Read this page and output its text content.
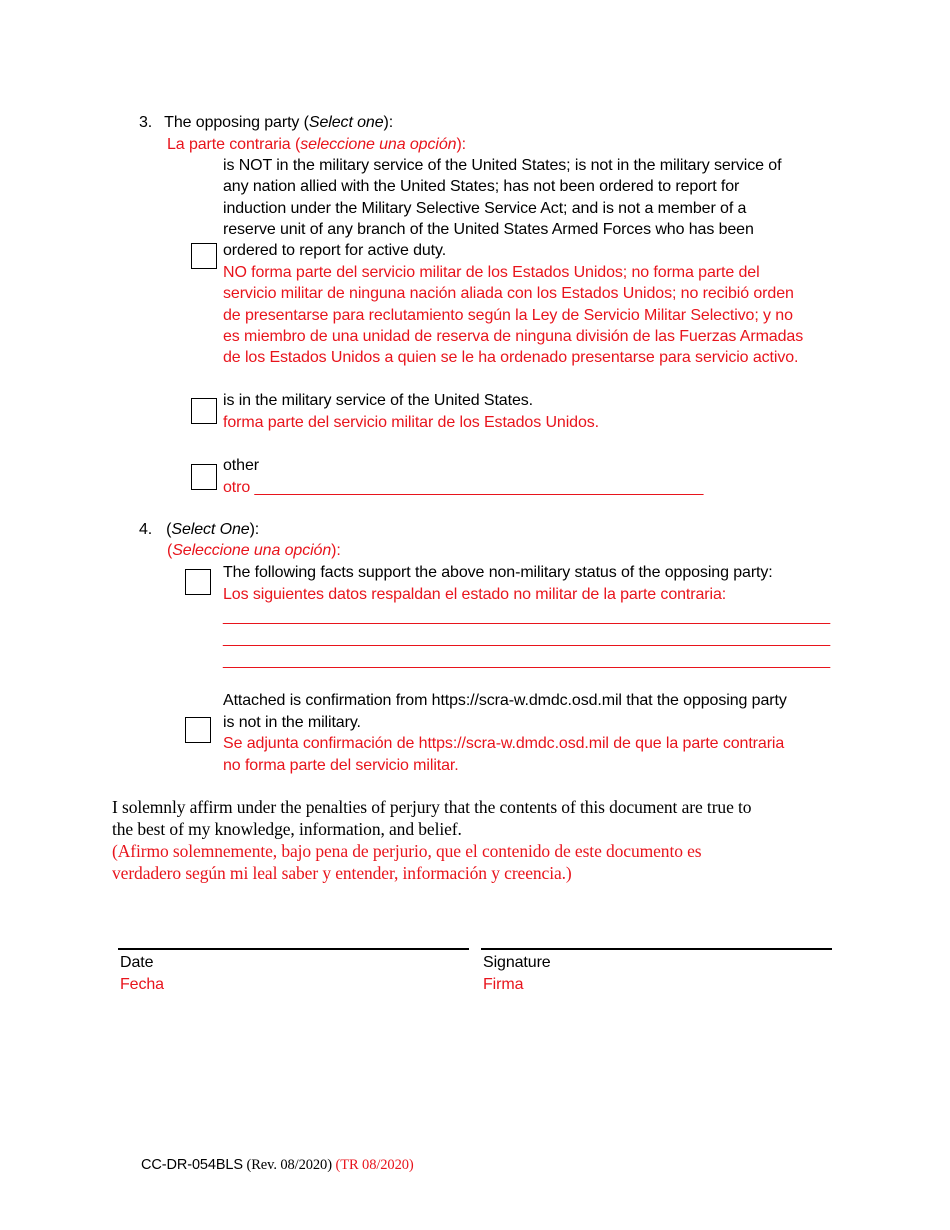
3. The opposing party (Select one):
La parte contraria (seleccione una opción):
is NOT in the military service of the United States; is not in the military service of
any nation allied with the United States; has not been ordered to report for
induction under the Military Selective Service Act; and is not a member of a
reserve unit of any branch of the United States Armed Forces who has been
ordered to report for active duty.
NO forma parte del servicio militar de los Estados Unidos; no forma parte del
servicio militar de ninguna nación aliada con los Estados Unidos; no recibió orden
de presentarse para reclutamiento según la Ley de Servicio Militar Selectivo; y no
es miembro de una unidad de reserva de ninguna división de las Fuerzas Armadas
de los Estados Unidos a quien se le ha ordenado presentarse para servicio activo.
is in the military service of the United States.
forma parte del servicio militar de los Estados Unidos.
other
otro ___________________________________________________
4. (Select One):
(Seleccione una opción):
The following facts support the above non-military status of the opposing party:
Los siguientes datos respaldan el estado no militar de la parte contraria:
_____________________________________________________________________
_____________________________________________________________________
_____________________________________________________________________
Attached is confirmation from https://scra-w.dmdc.osd.mil that the opposing party
is not in the military.
Se adjunta confirmación de https://scra-w.dmdc.osd.mil de que la parte contraria
no forma parte del servicio militar.
I solemnly affirm under the penalties of perjury that the contents of this document are true to
the best of my knowledge, information, and belief.
(Afirmo solemnemente, bajo pena de perjurio, que el contenido de este documento es
verdadero según mi leal saber y entender, información y creencia.)
Date
Fecha
Signature
Firma
CC-DR-054BLS (Rev. 08/2020) (TR 08/2020)
